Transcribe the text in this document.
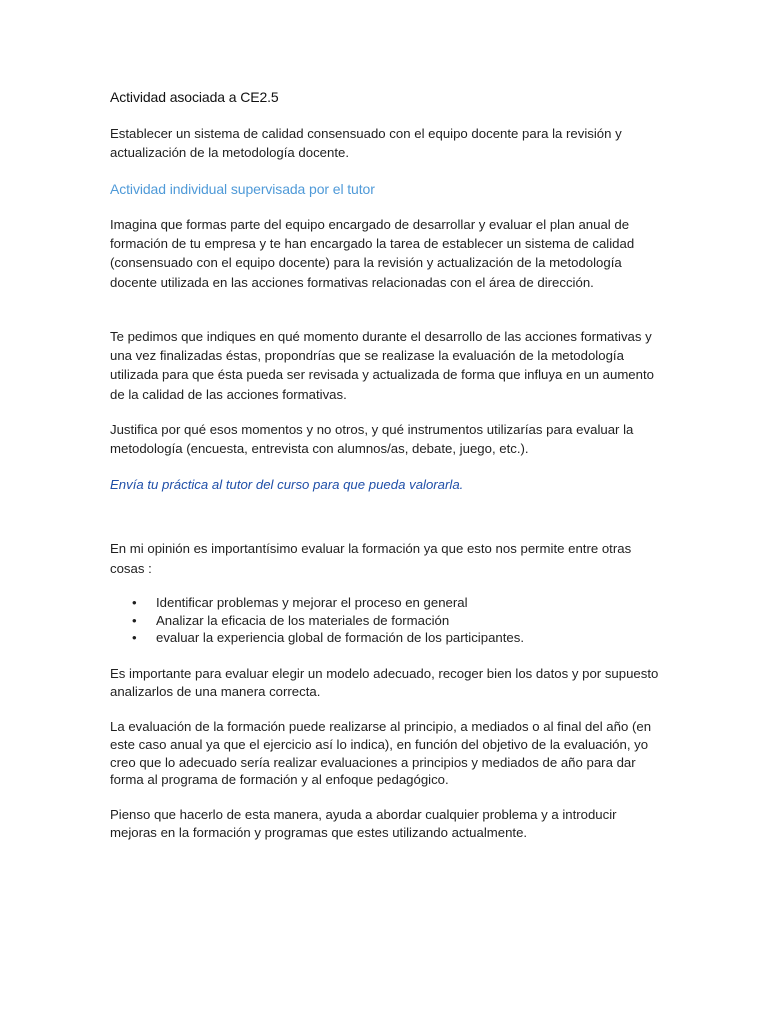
Actividad asociada a CE2.5

Establecer un sistema de calidad consensuado con el equipo docente para la revisión y actualización de la metodología docente.

Actividad individual supervisada por el tutor

Imagina que formas parte del equipo encargado de desarrollar y evaluar el plan anual de formación de tu empresa y te han encargado la tarea de establecer un sistema de calidad (consensuado con el equipo docente) para la revisión y actualización de la metodología docente utilizada en las acciones formativas relacionadas con el área de dirección.

Te pedimos que indiques en qué momento durante el desarrollo de las acciones formativas y una vez finalizadas éstas, propondrías que se realizase la evaluación de la metodología utilizada para que ésta pueda ser revisada y actualizada de forma que influya en un aumento de la calidad de las acciones formativas.

Justifica por qué esos momentos y no otros, y qué instrumentos utilizarías para evaluar la metodología (encuesta, entrevista con alumnos/as, debate, juego, etc.).

Envía tu práctica al tutor del curso para que pueda valorarla.

En mi opinión es importantísimo evaluar la formación ya que esto nos permite entre otras cosas :

• Identificar problemas y mejorar el proceso en general
• Analizar la eficacia de los materiales de formación
• evaluar la experiencia global de formación de los participantes.

Es importante para evaluar elegir un modelo adecuado, recoger bien los datos y por supuesto analizarlos de una manera correcta.

La evaluación de la formación puede realizarse al principio, a mediados o al final del año (en este caso anual ya que el ejercicio así lo indica), en función del objetivo de la evaluación, yo creo que lo adecuado sería realizar evaluaciones a principios y mediados de año para dar forma al programa de formación y al enfoque pedagógico.

Pienso que hacerlo de esta manera, ayuda a abordar cualquier problema y a introducir mejoras en la formación y programas que estes utilizando actualmente.
